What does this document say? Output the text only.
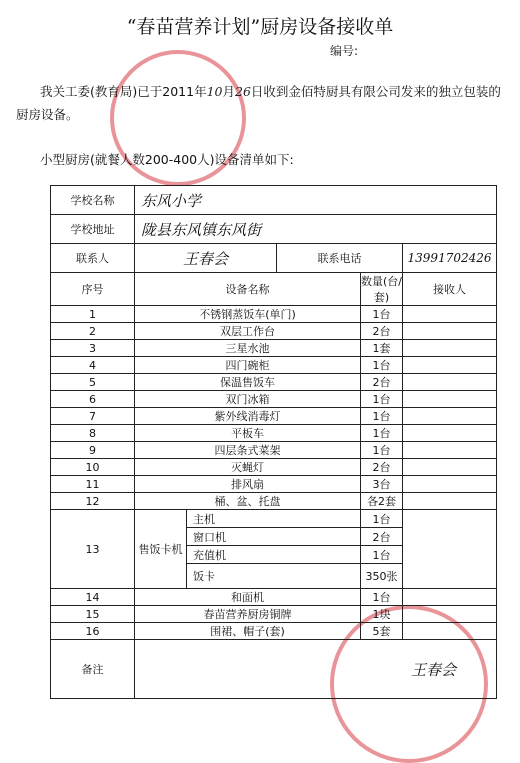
“春苗营养计划”厨房设备接收单
编号:
我关工委(教育局)已于2011年10月26日收到金佰特厨具有限公司发来的独立包装的厨房设备。
小型厨房(就餐人数200-400人)设备清单如下:
学校名称	东风小学				
学校地址	陇县东风镇东风街				
联系人	王春会		联系电话		13991702426
序号	设备名称			数量(台/套)	接收人
1	不锈钢蒸饭车(单门)			1台	
2	双层工作台			2台	
3	三星水池			1套	
4	四门碗柜			1台	
5	保温售饭车			2台	
6	双门冰箱			1台	
7	紫外线消毒灯			1台	
8	平板车			1台	
9	四层条式菜架			1台	
10	灭蝇灯			2台	
11	排风扇			3台	
12	桶、盆、托盘			各2套	
13	售饭卡机	主机		1台	
		窗口机		2台	
		充值机		1台	
		饭卡		350张	
14	和面机			1台	
15	春苗营养厨房铜牌			1块	
16	围裙、帽子(套)			5套	
备注	王春会				
